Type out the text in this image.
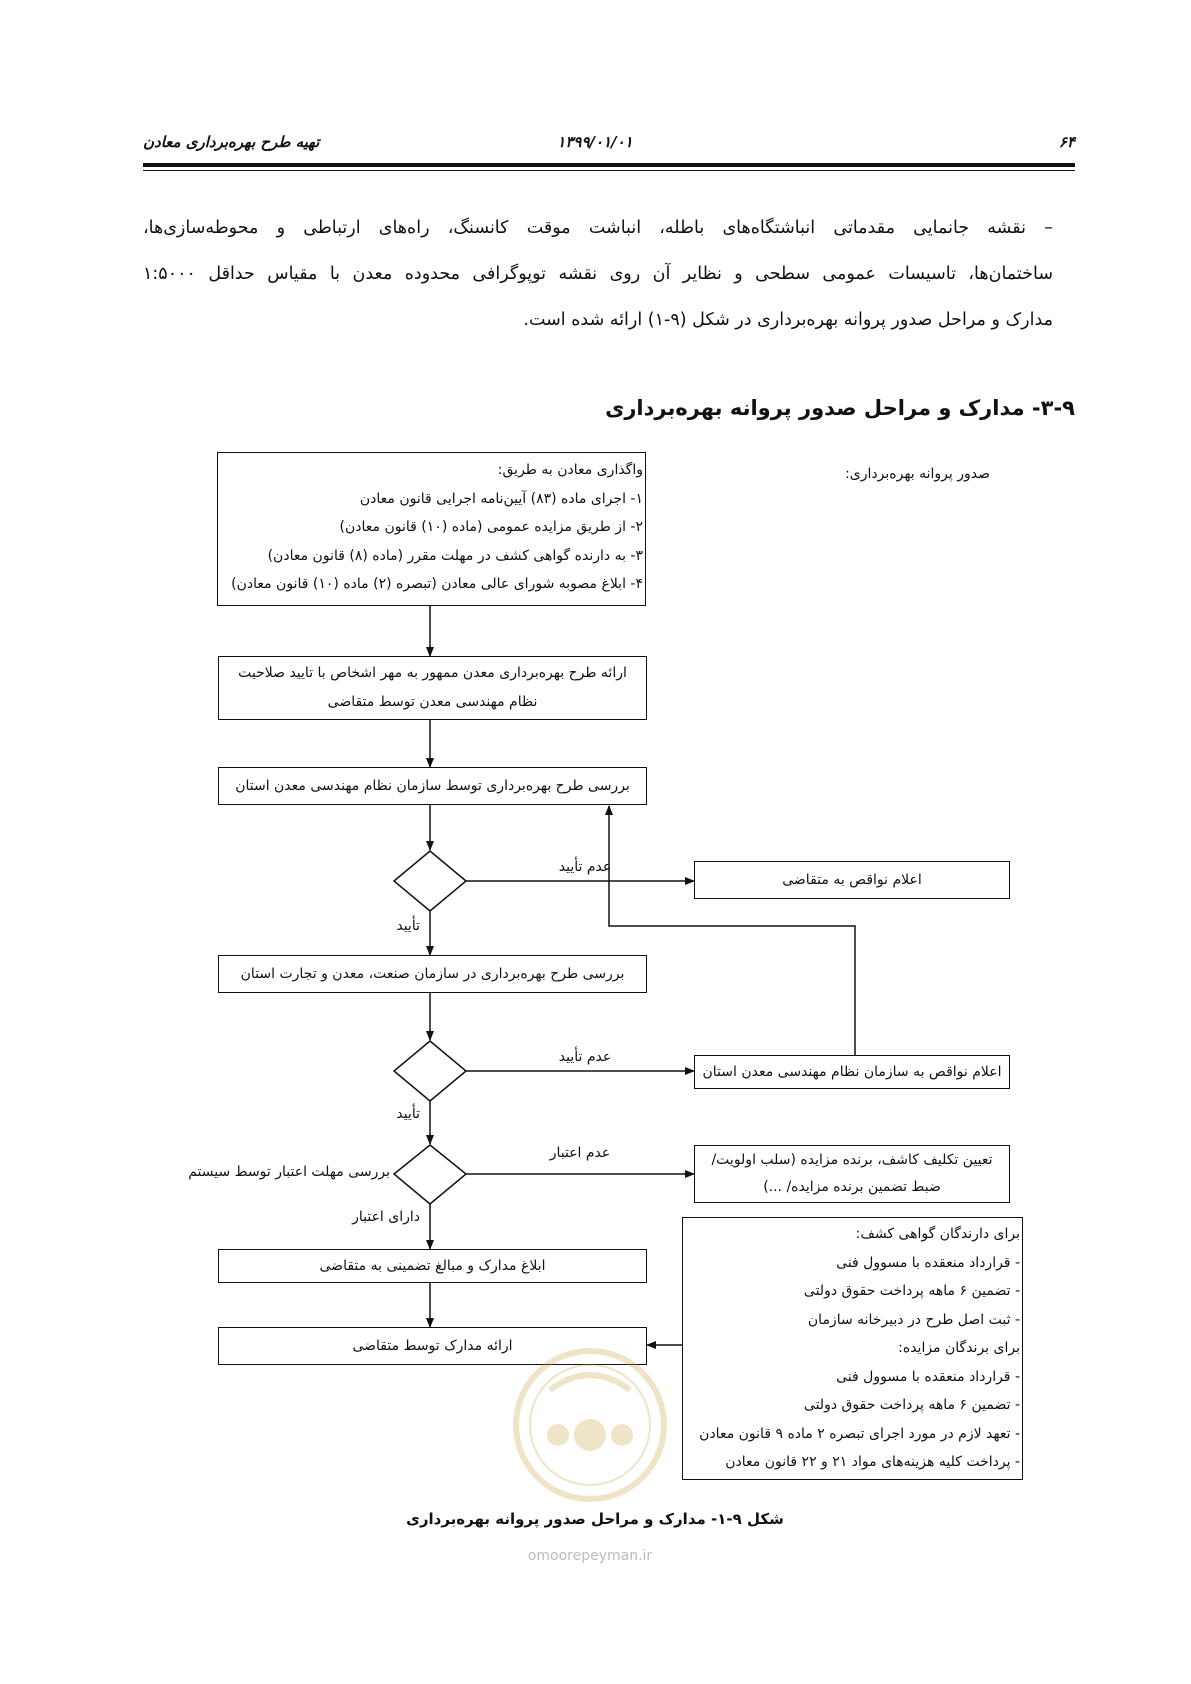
تهیه طرح بهره‌برداری معادن	۱۳۹۹/۰۱/۰۱	۶۴
– نقشه جانمایی مقدماتی انباشتگاه‌های باطله، انباشت موقت کانسنگ، راه‌های ارتباطی و محوطه‌سازی‌ها،
ساختمان‌ها، تاسیسات عمومی سطحی و نظایر آن روی نقشه توپوگرافی محدوده معدن با مقیاس حداقل ۱:۵۰۰۰
مدارک و مراحل صدور پروانه بهره‌برداری در شکل (۹-۱) ارائه شده است.
۳-۹- مدارک و مراحل صدور پروانه بهره‌برداری
صدور پروانه بهره‌برداری:
واگذاری معادن به طریق:
۱- اجرای ماده (۸۳) آیین‌نامه اجرایی قانون معادن
۲- از طریق مزایده عمومی (ماده (۱۰) قانون معادن)
۳- به دارنده گواهی کشف در مهلت مقرر (ماده (۸) قانون معادن)
۴- ابلاغ مصوبه شورای عالی معادن (تبصره (۲) ماده (۱۰) قانون معادن)
ارائه طرح بهره‌برداری معدن ممهور به مهر اشخاص با تایید صلاحیت
نظام مهندسی معدن توسط متقاضی
بررسی طرح بهره‌برداری توسط سازمان نظام مهندسی معدن استان
بررسی طرح بهره‌برداری در سازمان صنعت، معدن و تجارت استان
ابلاغ مدارک و مبالغ تضمینی به متقاضی
ارائه مدارک توسط متقاضی
اعلام نواقص به متقاضی
اعلام نواقص به سازمان نظام مهندسی معدن استان
تعیین تکلیف کاشف، برنده مزایده (سلب اولویت/
ضبط تضمین برنده مزایده/ ...)
برای دارندگان گواهی کشف:
- قرارداد منعقده با مسوول فنی
- تضمین ۶ ماهه پرداخت حقوق دولتی
- ثبت اصل طرح در دبیرخانه سازمان
برای برندگان مزایده:
- قرارداد منعقده با مسوول فنی
- تضمین ۶ ماهه پرداخت حقوق دولتی
- تعهد لازم در مورد اجرای تبصره ۲ ماده ۹ قانون معادن
- پرداخت کلیه هزینه‌های مواد ۲۱ و ۲۲ قانون معادن
عدم تأیید
تأیید
عدم تأیید
تأیید
عدم اعتبار
دارای اعتبار
بررسی مهلت اعتبار توسط سیستم
omoorepeyman.ir
شکل ۹-۱- مدارک و مراحل صدور پروانه بهره‌برداری
